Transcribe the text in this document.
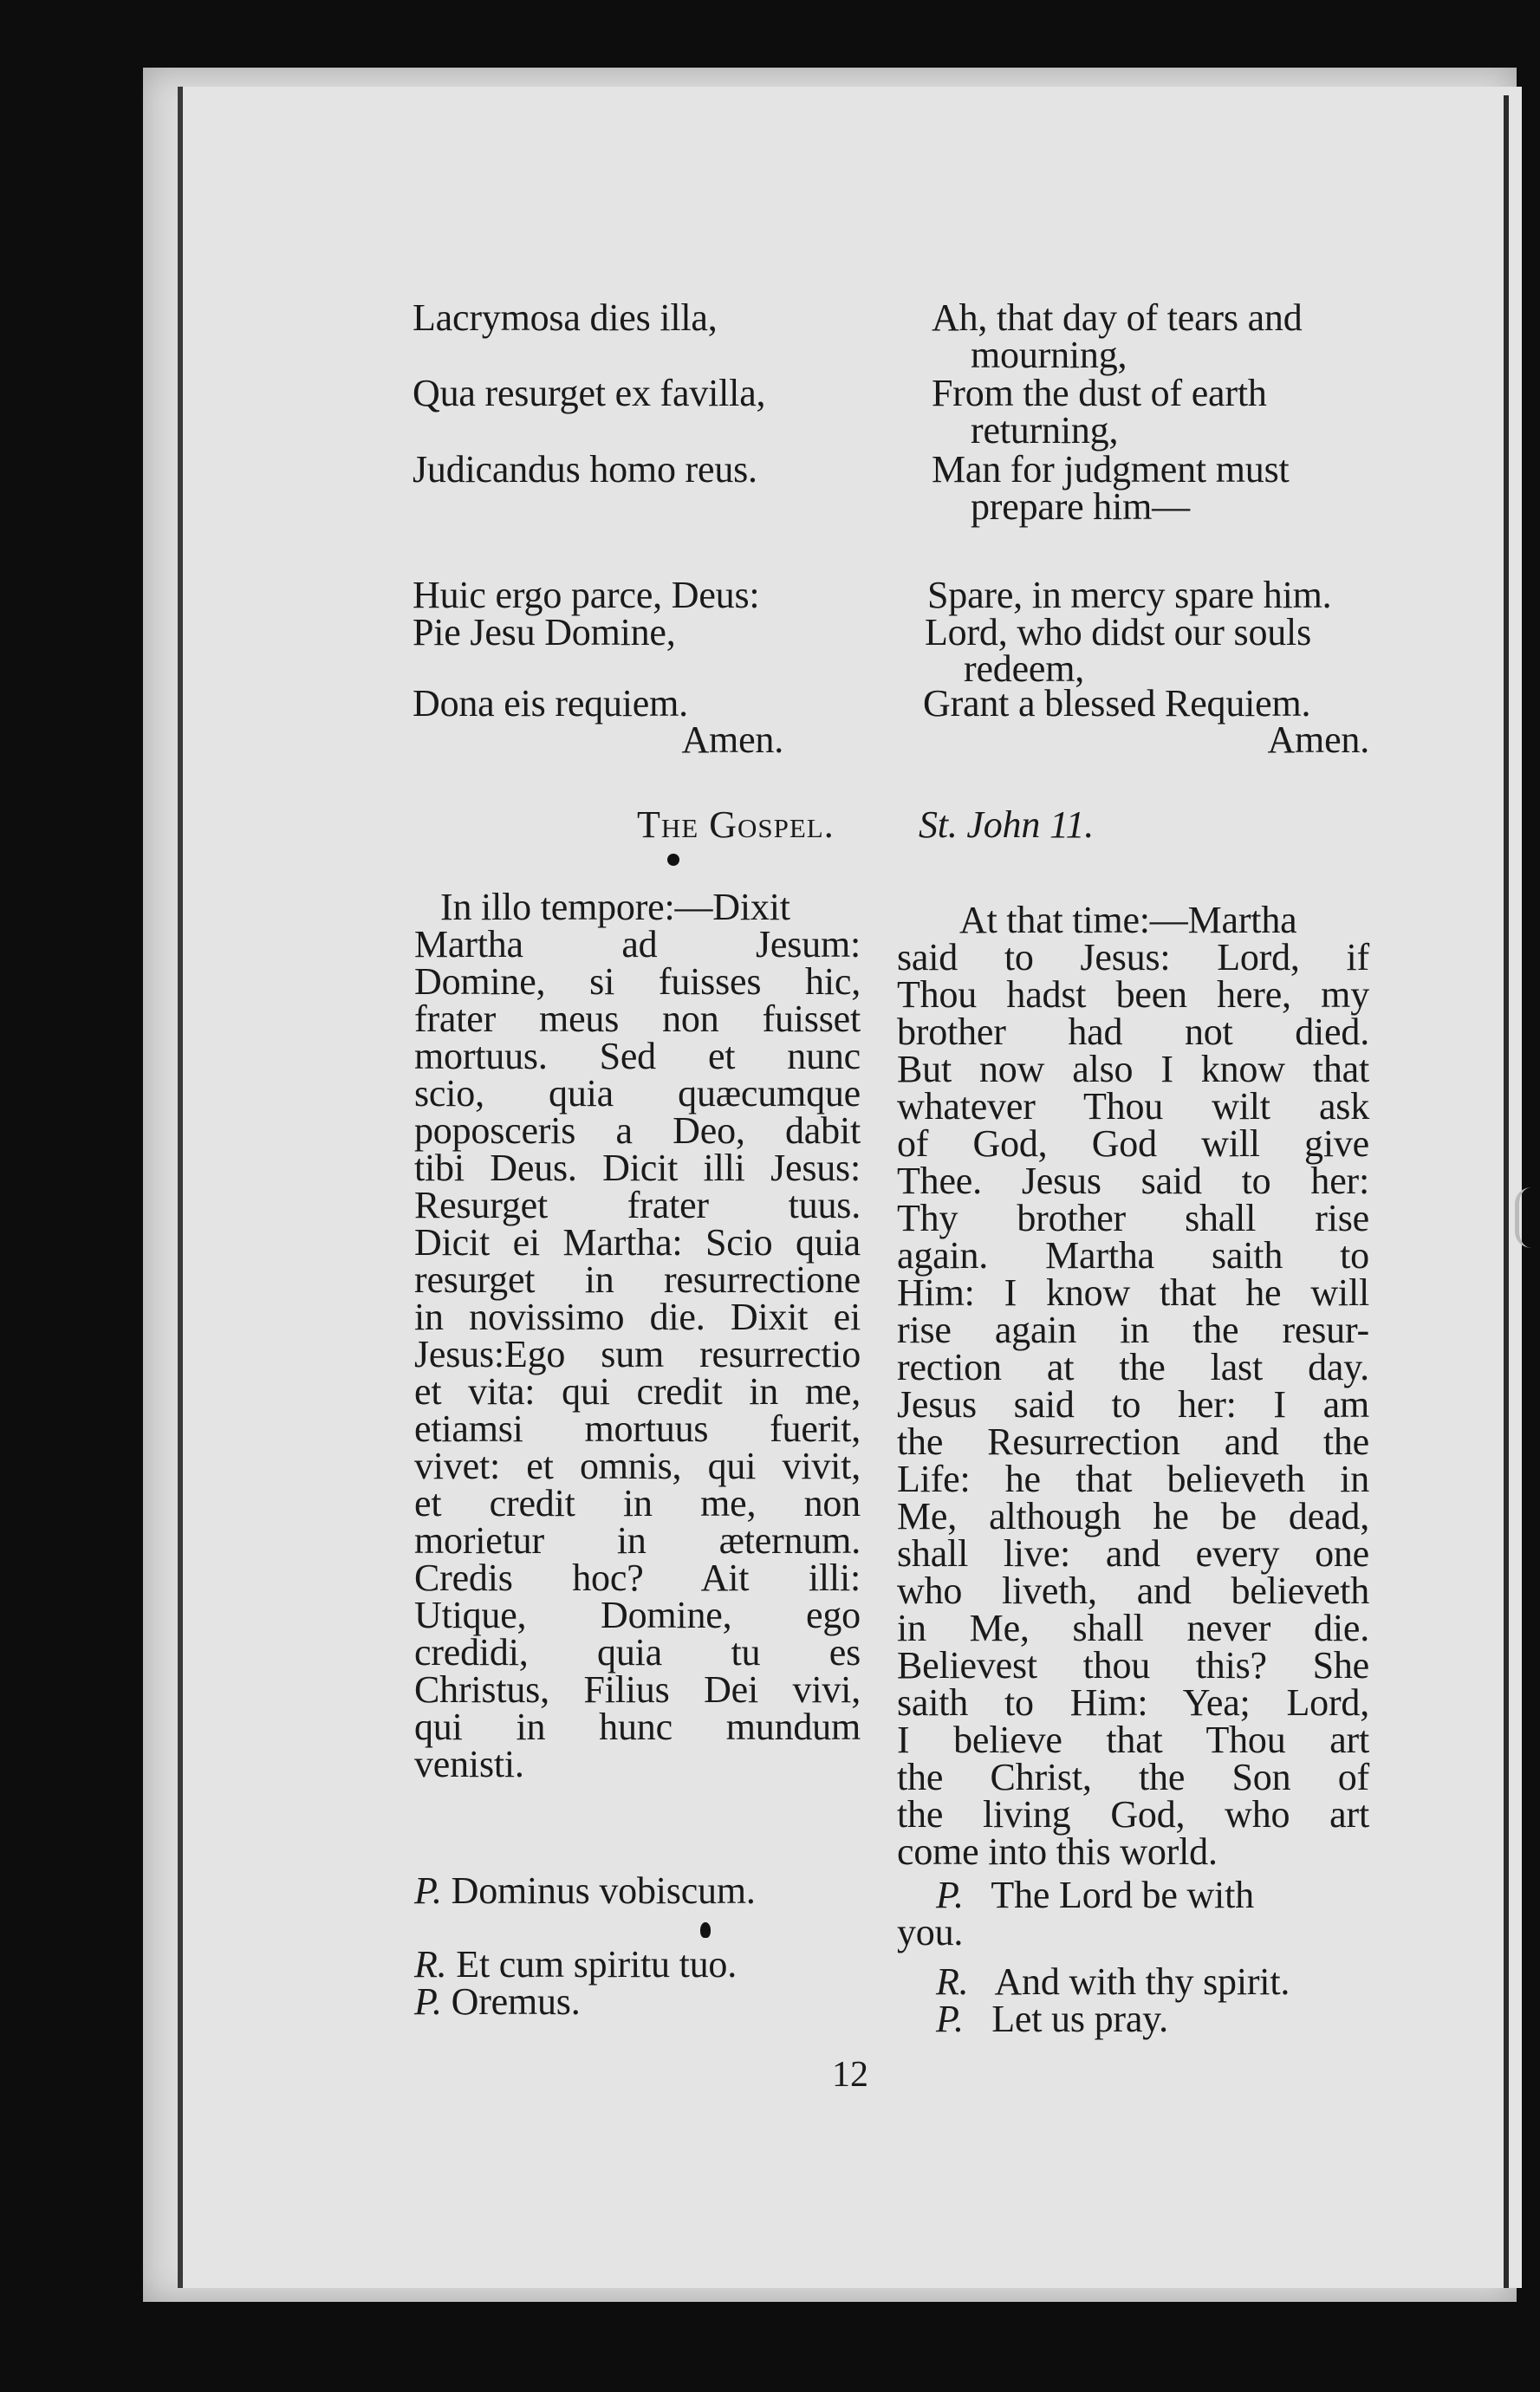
Lacrymosa dies illa,
Qua resurget ex favilla,
Judicandus homo reus.
Huic ergo parce, Deus:
Pie Jesu Domine,
Dona eis requiem.
Amen.
Ah, that day of tears and
mourning,
From the dust of earth
returning,
Man for judgment must
prepare him—
Spare, in mercy spare him.
Lord, who didst our souls
redeem,
Grant a blessed Requiem.
Amen.
The Gospel. St. John 11.
In illo tempore:—Dixit
Martha ad Jesum:
Domine, si fuisses hic,
frater meus non fuisset
mortuus. Sed et nunc
scio, quia quæcumque
poposceris a Deo, dabit
tibi Deus. Dicit illi Jesus:
Resurget frater tuus.
Dicit ei Martha: Scio quia
resurget in resurrectione
in novissimo die. Dixit ei
Jesus:Ego sum resurrectio
et vita: qui credit in me,
etiamsi mortuus fuerit,
vivet: et omnis, qui vivit,
et credit in me, non
morietur in æternum.
Credis hoc? Ait illi:
Utique, Domine, ego
credidi, quia tu es
Christus, Filius Dei vivi,
qui in hunc mundum
venisti.
At that time:—Martha
said to Jesus: Lord, if
Thou hadst been here, my
brother had not died.
But now also I know that
whatever Thou wilt ask
of God, God will give
Thee. Jesus said to her:
Thy brother shall rise
again. Martha saith to
Him: I know that he will
rise again in the resur-
rection at the last day.
Jesus said to her: I am
the Resurrection and the
Life: he that believeth in
Me, although he be dead,
shall live: and every one
who liveth, and believeth
in Me, shall never die.
Believest thou this? She
saith to Him: Yea; Lord,
I believe that Thou art
the Christ, the Son of
the living God, who art
come into this world.
P. Dominus vobiscum.
R. Et cum spiritu tuo.
P. Oremus.
P. The Lord be with
you.
R. And with thy spirit.
P. Let us pray.
12
